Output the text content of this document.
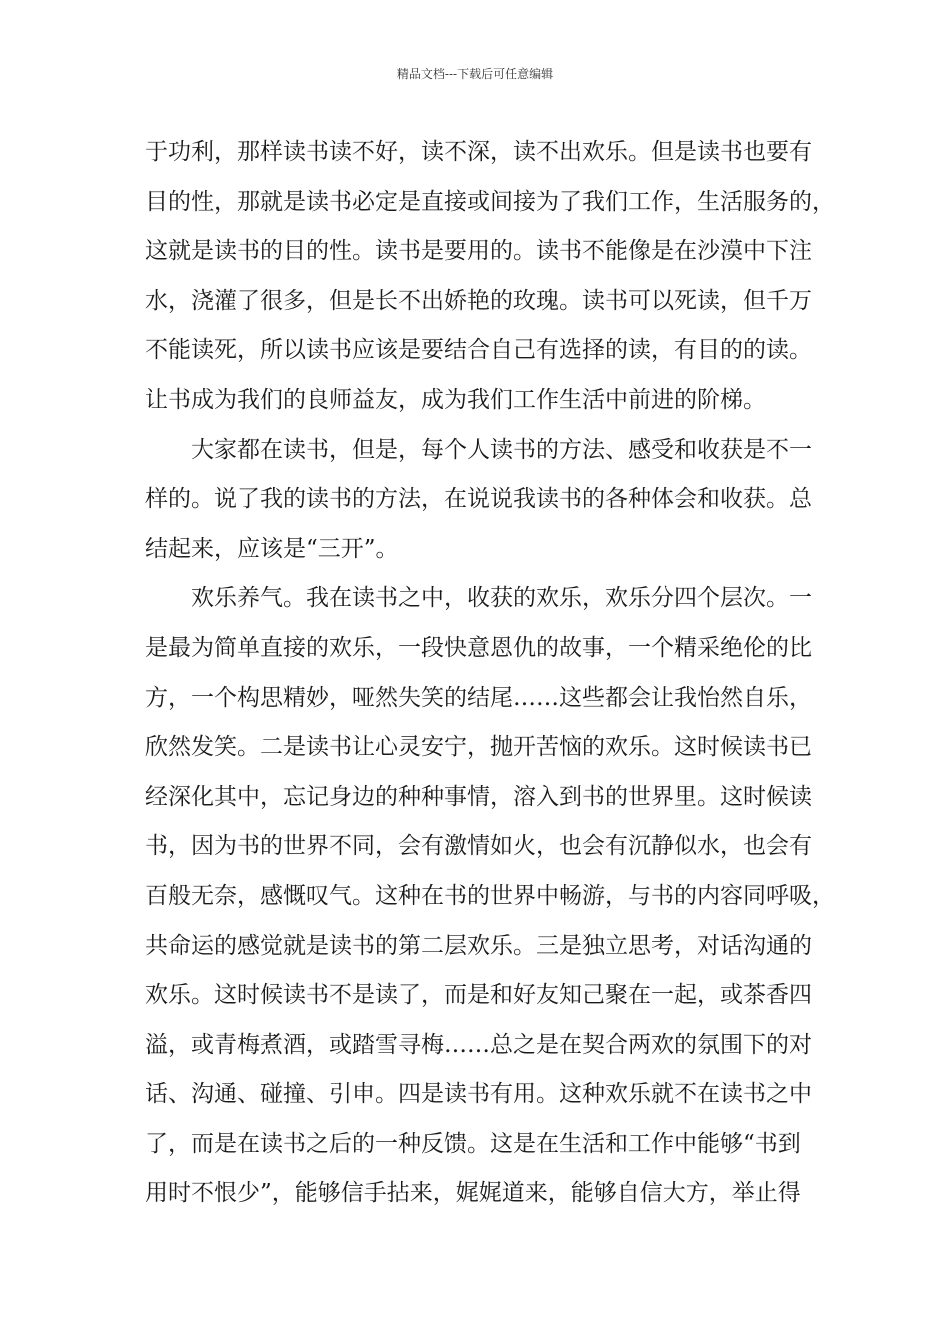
精品文档---下载后可任意编辑
于功利，那样读书读不好，读不深，读不出欢乐。但是读书也要有
目的性，那就是读书必定是直接或间接为了我们工作，生活服务的，
这就是读书的目的性。读书是要用的。读书不能像是在沙漠中下注
水，浇灌了很多，但是长不出娇艳的玫瑰。读书可以死读，但千万
不能读死，所以读书应该是要结合自己有选择的读，有目的的读。
让书成为我们的良师益友，成为我们工作生活中前进的阶梯。
大家都在读书，但是，每个人读书的方法、感受和收获是不一
样的。说了我的读书的方法，在说说我读书的各种体会和收获。总
结起来，应该是“三开”。
欢乐养气。我在读书之中，收获的欢乐，欢乐分四个层次。一
是最为简单直接的欢乐，一段快意恩仇的故事，一个精采绝伦的比
方，一个构思精妙，哑然失笑的结尾……这些都会让我怡然自乐，
欣然发笑。二是读书让心灵安宁，抛开苦恼的欢乐。这时候读书已
经深化其中，忘记身边的种种事情，溶入到书的世界里。这时候读
书，因为书的世界不同，会有激情如火，也会有沉静似水，也会有
百般无奈，感慨叹气。这种在书的世界中畅游，与书的内容同呼吸，
共命运的感觉就是读书的第二层欢乐。三是独立思考，对话沟通的
欢乐。这时候读书不是读了，而是和好友知己聚在一起，或茶香四
溢，或青梅煮酒，或踏雪寻梅……总之是在契合两欢的氛围下的对
话、沟通、碰撞、引申。四是读书有用。这种欢乐就不在读书之中
了，而是在读书之后的一种反馈。这是在生活和工作中能够“书到
用时不恨少”，能够信手拈来，娓娓道来，能够自信大方，举止得
